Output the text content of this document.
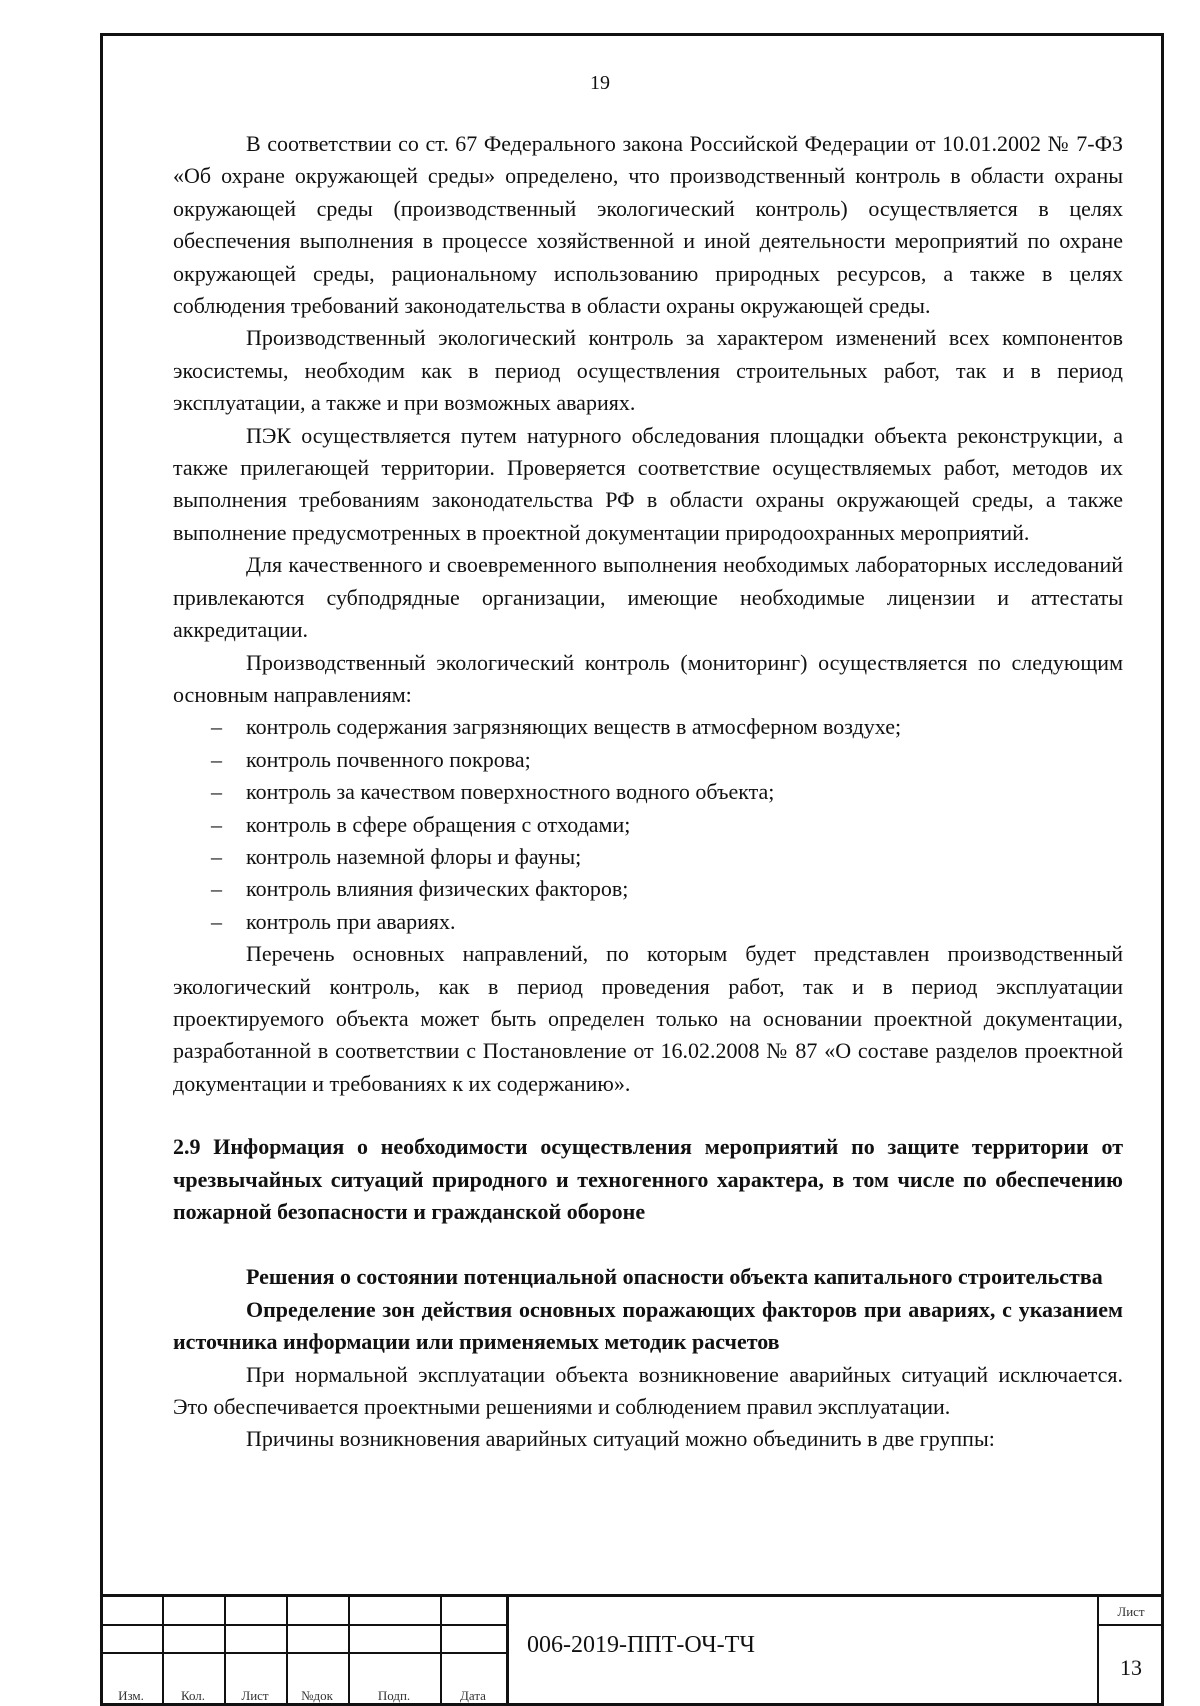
19

В соответствии со ст. 67 Федерального закона Российской Федерации от 10.01.2002 № 7-ФЗ «Об охране окружающей среды» определено, что производственный контроль в области охраны окружающей среды (производственный экологический контроль) осуществляется в целях обеспечения выполнения в процессе хозяйственной и иной деятельности мероприятий по охране окружающей среды, рациональному использованию природных ресурсов, а также в целях соблюдения требований законодательства в области охраны окружающей среды.

Производственный экологический контроль за характером изменений всех компонентов экосистемы, необходим как в период осуществления строительных работ, так и в период эксплуатации, а также и при возможных авариях.

ПЭК осуществляется путем натурного обследования площадки объекта реконструкции, а также прилегающей территории. Проверяется соответствие осуществляемых работ, методов их выполнения требованиям законодательства РФ в области охраны окружающей среды, а также выполнение предусмотренных в проектной документации природоохранных мероприятий.

Для качественного и своевременного выполнения необходимых лабораторных исследований привлекаются субподрядные организации, имеющие необходимые лицензии и аттестаты аккредитации.

Производственный экологический контроль (мониторинг) осуществляется по следующим основным направлениям:

– контроль содержания загрязняющих веществ в атмосферном воздухе;

– контроль почвенного покрова;

– контроль за качеством поверхностного водного объекта;

– контроль в сфере обращения с отходами;

– контроль наземной флоры и фауны;

– контроль влияния физических факторов;

– контроль при авариях.

Перечень основных направлений, по которым будет представлен производственный экологический контроль, как в период проведения работ, так и в период эксплуатации проектируемого объекта может быть определен только на основании проектной документации, разработанной в соответствии с Постановление от 16.02.2008 № 87 «О составе разделов проектной документации и требованиях к их содержанию».

2.9 Информация о необходимости осуществления мероприятий по защите территории от чрезвычайных ситуаций природного и техногенного характера, в том числе по обеспечению пожарной безопасности и гражданской обороне

Решения о состоянии потенциальной опасности объекта капитального строительства

Определение зон действия основных поражающих факторов при авариях, с указанием источника информации или применяемых методик расчетов

При нормальной эксплуатации объекта возникновение аварийных ситуаций исключается. Это обеспечивается проектными решениями и соблюдением правил эксплуатации.

Причины возникновения аварийных ситуаций можно объединить в две группы:

Изм.	Кол.	Лист	№док	Подп.	Дата
006-2019-ППТ-ОЧ-ТЧ
Лист
13
